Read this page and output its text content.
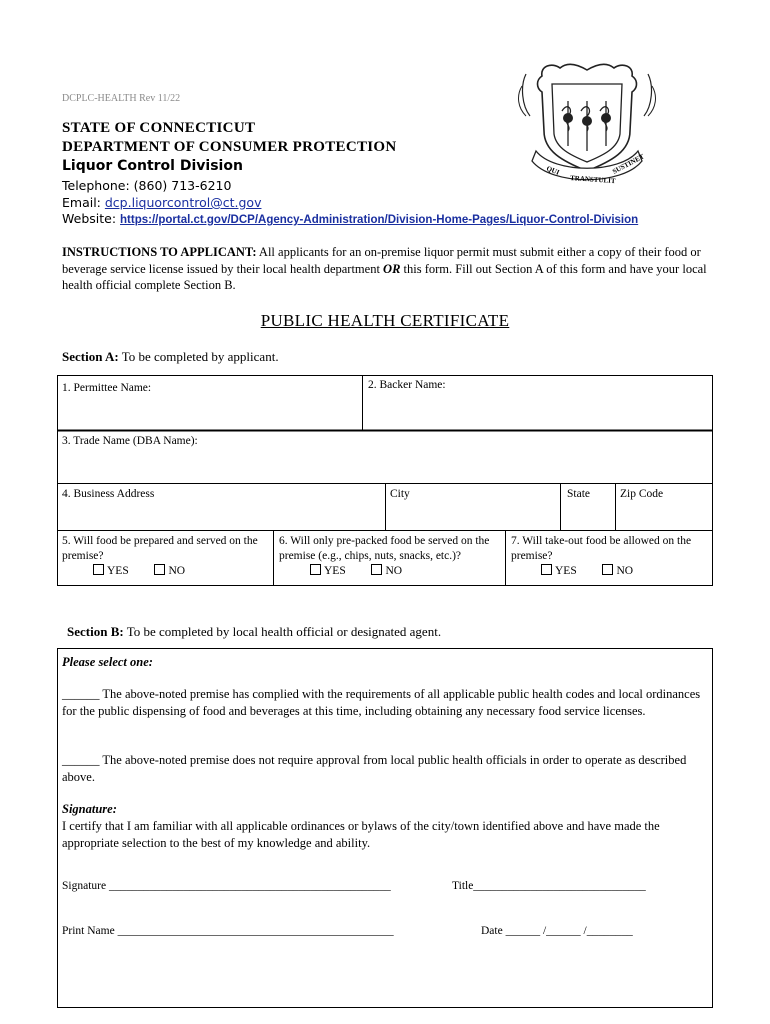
DCPLC-HEALTH Rev 11/22
STATE OF CONNECTICUT
DEPARTMENT OF CONSUMER PROTECTION
Liquor Control Division
Telephone: (860) 713-6210
Email: dcp.liquorcontrol@ct.gov
Website: https://portal.ct.gov/DCP/Agency-Administration/Division-Home-Pages/Liquor-Control-Division
QUI
TRANSTULIT
SUSTINET
INSTRUCTIONS TO APPLICANT: All applicants for an on-premise liquor permit must submit either a copy of their food or beverage service license issued by their local health department OR this form. Fill out Section A of this form and have your local health official complete Section B.
PUBLIC HEALTH CERTIFICATE
Section A: To be completed by applicant.
1. Permittee Name:	2. Backer Name:
3. Trade Name (DBA Name):
4. Business Address	City	State	Zip Code
5. Will food be prepared and served on the premise?
YES	NO
6. Will only pre-packed food be served on the premise (e.g., chips, nuts, snacks, etc.)?
YES	NO
7. Will take-out food be allowed on the premise?
YES	NO
Section B: To be completed by local health official or designated agent.
Please select one:
______ The above-noted premise has complied with the requirements of all applicable public health codes and local ordinances for the public dispensing of food and beverages at this time, including obtaining any necessary food service licenses.
______ The above-noted premise does not require approval from local public health officials in order to operate as described above.
Signature:
I certify that I am familiar with all applicable ordinances or bylaws of the city/town identified above and have made the appropriate selection to the best of my knowledge and ability.
Signature _________________________________________________	Title______________________________
Print Name ________________________________________________	Date ______ /______ /________
